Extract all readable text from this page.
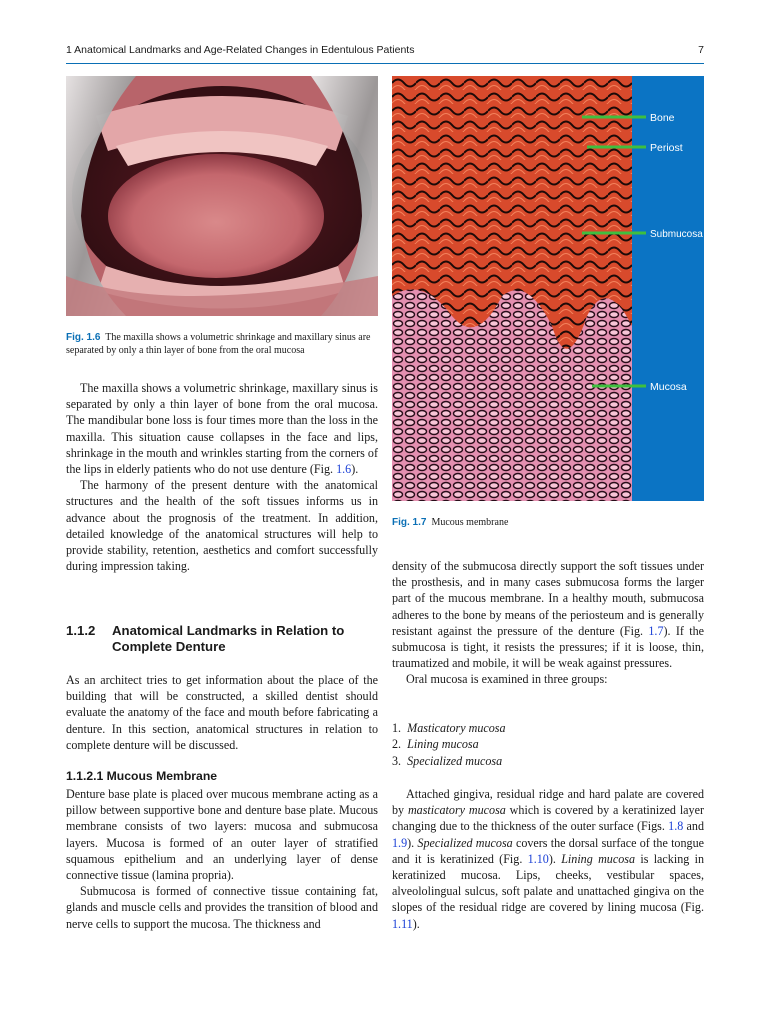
1 Anatomical Landmarks and Age-Related Changes in Edentulous Patients	7
Fig. 1.6 The maxilla shows a volumetric shrinkage and maxillary sinus are separated by only a thin layer of bone from the oral mucosa
Bone
Periost
Submucosa
Mucosa
Fig. 1.7 Mucous membrane

The maxilla shows a volumetric shrinkage, maxillary sinus is separated by only a thin layer of bone from the oral mucosa. The mandibular bone loss is four times more than the loss in the maxilla. This situation cause collapses in the face and lips, shrinkage in the mouth and wrinkles starting from the corners of the lips in elderly patients who do not use denture (Fig. 1.6).

The harmony of the present denture with the anatomical structures and the health of the soft tissues informs us in advance about the prognosis of the treatment. In addition, detailed knowledge of the anatomical structures will help to provide stability, retention, aesthetics and comfort successfully during impression taking.

1.1.2 Anatomical Landmarks in Relation to Complete Denture

As an architect tries to get information about the place of the building that will be constructed, a skilled dentist should evaluate the anatomy of the face and mouth before fabricating a denture. In this section, anatomical structures in relation to complete denture will be discussed.

1.1.2.1 Mucous Membrane

Denture base plate is placed over mucous membrane acting as a pillow between supportive bone and denture base plate. Mucous membrane consists of two layers: mucosa and submucosa layers. Mucosa is formed of an outer layer of stratified squamous epithelium and an underlying layer of dense connective tissue (lamina propria).

Submucosa is formed of connective tissue containing fat, glands and muscle cells and provides the transition of blood and nerve cells to support the mucosa. The thickness and

density of the submucosa directly support the soft tissues under the prosthesis, and in many cases submucosa forms the larger part of the mucous membrane. In a healthy mouth, submucosa adheres to the bone by means of the periosteum and is generally resistant against the pressure of the denture (Fig. 1.7). If the submucosa is tight, it resists the pressures; if it is loose, thin, traumatized and mobile, it will be weak against pressures.

Oral mucosa is examined in three groups:

1. Masticatory mucosa
2. Lining mucosa
3. Specialized mucosa

Attached gingiva, residual ridge and hard palate are covered by masticatory mucosa which is covered by a keratinized layer changing due to the thickness of the outer surface (Figs. 1.8 and 1.9). Specialized mucosa covers the dorsal surface of the tongue and it is keratinized (Fig. 1.10). Lining mucosa is lacking in keratinized mucosa. Lips, cheeks, vestibular spaces, alveololingual sulcus, soft palate and unattached gingiva on the slopes of the residual ridge are covered by lining mucosa (Fig. 1.11).
